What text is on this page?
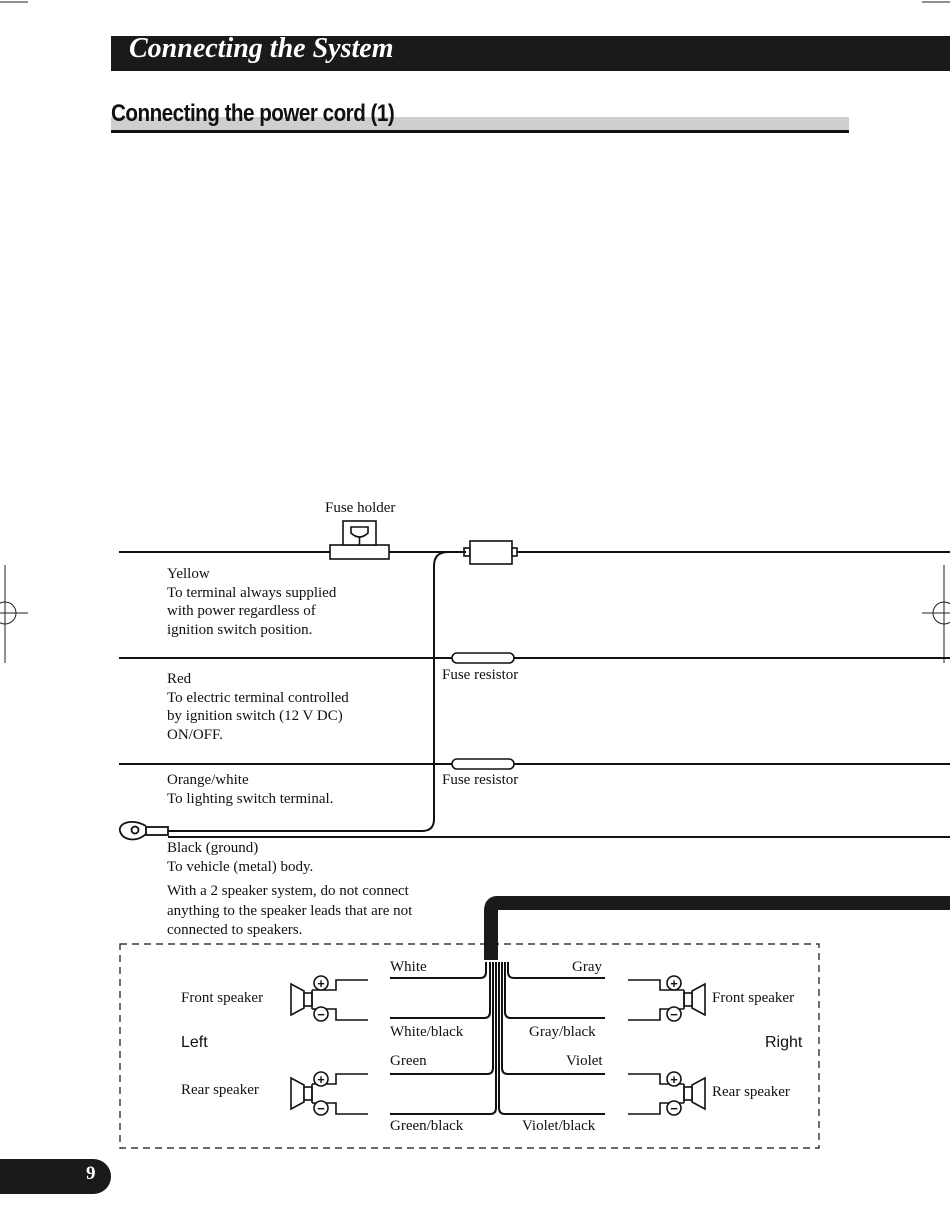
Connecting the System
Connecting the power cord (1)
+
−
+
−
+
−
+
−
Fuse holder
Yellow
To terminal always supplied
with power regardless of
ignition switch position.
Red
To electric terminal controlled
by ignition switch (12 V DC)
ON/OFF.
Fuse resistor
Orange/white
To lighting switch terminal.
Fuse resistor
Black (ground)
To vehicle (metal) body.
With a 2 speaker system, do not connect
anything to the speaker leads that are not
connected to speakers.
Front speaker
Rear speaker
Left
Front speaker
Rear speaker
Right
White
White/black
Green
Green/black
Gray
Gray/black
Violet
Violet/black
9
